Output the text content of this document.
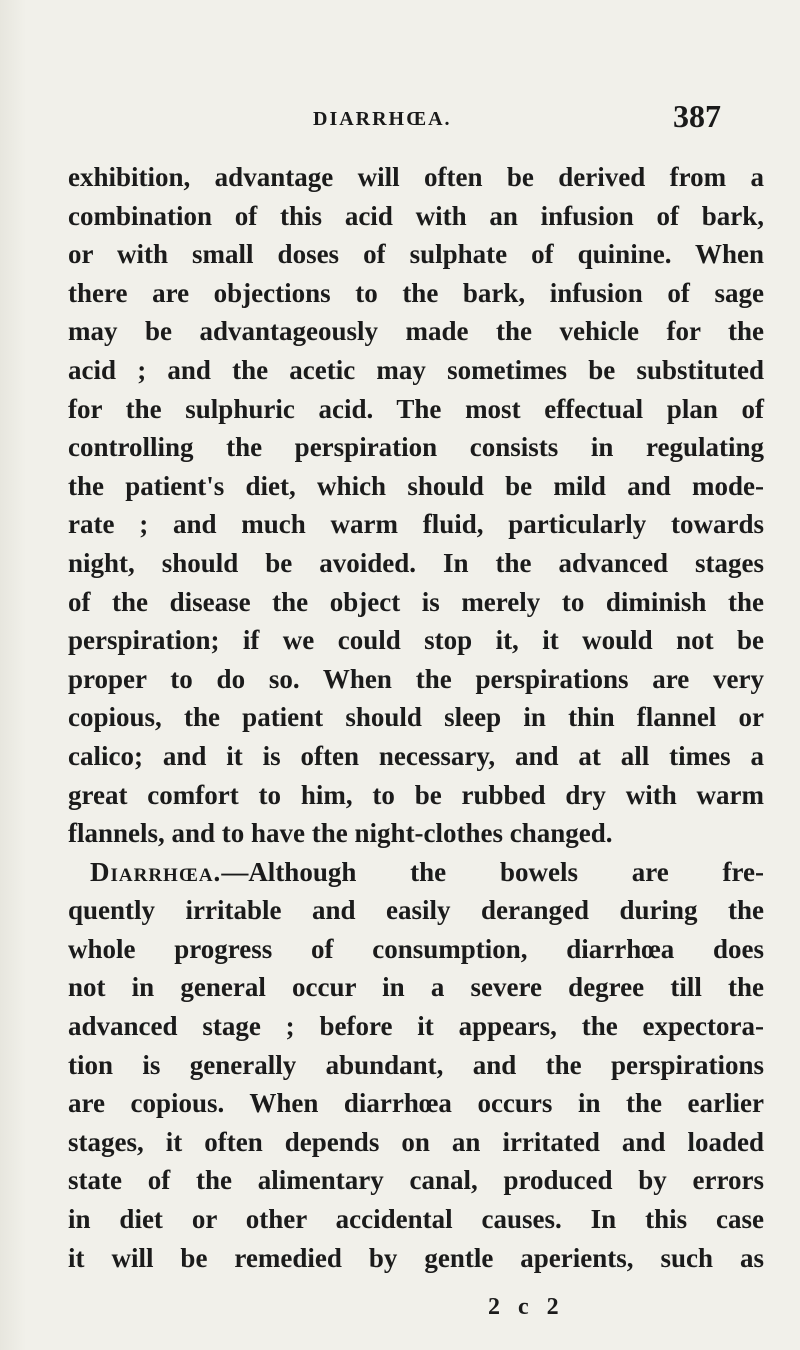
DIARRHŒA.	387
exhibition, advantage will often be derived from a
combination of this acid with an infusion of bark,
or with small doses of sulphate of quinine. When
there are objections to the bark, infusion of sage
may be advantageously made the vehicle for the
acid ; and the acetic may sometimes be substituted
for the sulphuric acid. The most effectual plan of
controlling the perspiration consists in regulating
the patient's diet, which should be mild and mode-
rate ; and much warm fluid, particularly towards
night, should be avoided. In the advanced stages
of the disease the object is merely to diminish the
perspiration; if we could stop it, it would not be
proper to do so. When the perspirations are very
copious, the patient should sleep in thin flannel or
calico; and it is often necessary, and at all times a
great comfort to him, to be rubbed dry with warm
flannels, and to have the night-clothes changed.
Diarrhœa.—Although the bowels are fre-
quently irritable and easily deranged during the
whole progress of consumption, diarrhœa does
not in general occur in a severe degree till the
advanced stage ; before it appears, the expectora-
tion is generally abundant, and the perspirations
are copious. When diarrhœa occurs in the earlier
stages, it often depends on an irritated and loaded
state of the alimentary canal, produced by errors
in diet or other accidental causes. In this case
it will be remedied by gentle aperients, such as
2 c 2
